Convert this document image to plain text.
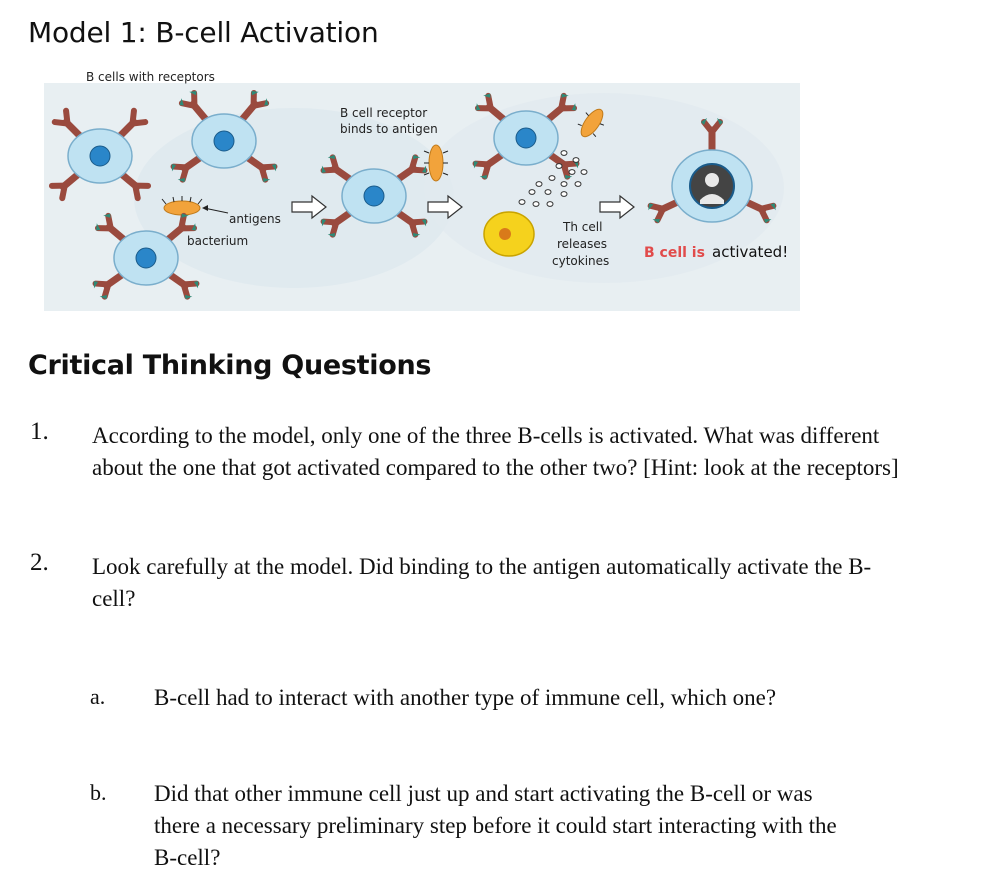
Model 1: B-cell Activation
B cells with receptors
antigens
bacterium
B cell receptor
binds to antigen
Th cell
releases
cytokines B cell is activated!
Critical Thinking Questions
1. According to the model, only one of the three B-cells is activated. What was different
about the one that got activated compared to the other two? [Hint: look at the receptors]
2. Look carefully at the model. Did binding to the antigen automatically activate the B-
cell?
a. B-cell had to interact with another type of immune cell, which one?
b. Did that other immune cell just up and start activating the B-cell or was
there a necessary preliminary step before it could start interacting with the
B-cell?
